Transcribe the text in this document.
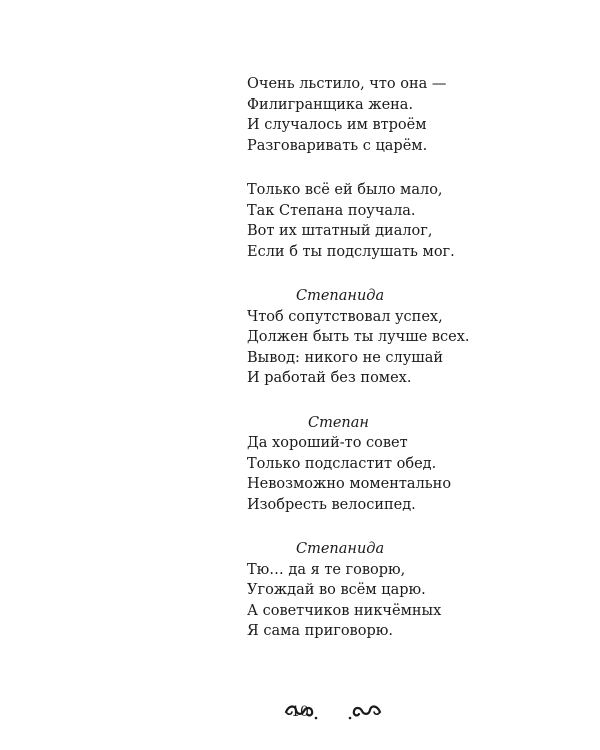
Очень льстило, что она —
Филигранщика жена.
И случалось им втроём
Разговаривать с царём.
Только всё ей было мало,
Так Степана поучала.
Вот их штатный диалог,
Если б ты подслушать мог.
Степанида
Чтоб сопутствовал успех,
Должен быть ты лучше всех.
Вывод: никого не слушай
И работай без помех.
Степан
Да хороший-то совет
Только подсластит обед.
Невозможно моментально
Изобресть велосипед.
Степанида
Тю… да я те говорю,
Угождай во всём царю.
А советчиков никчёмных
Я сама приговорю.
10
